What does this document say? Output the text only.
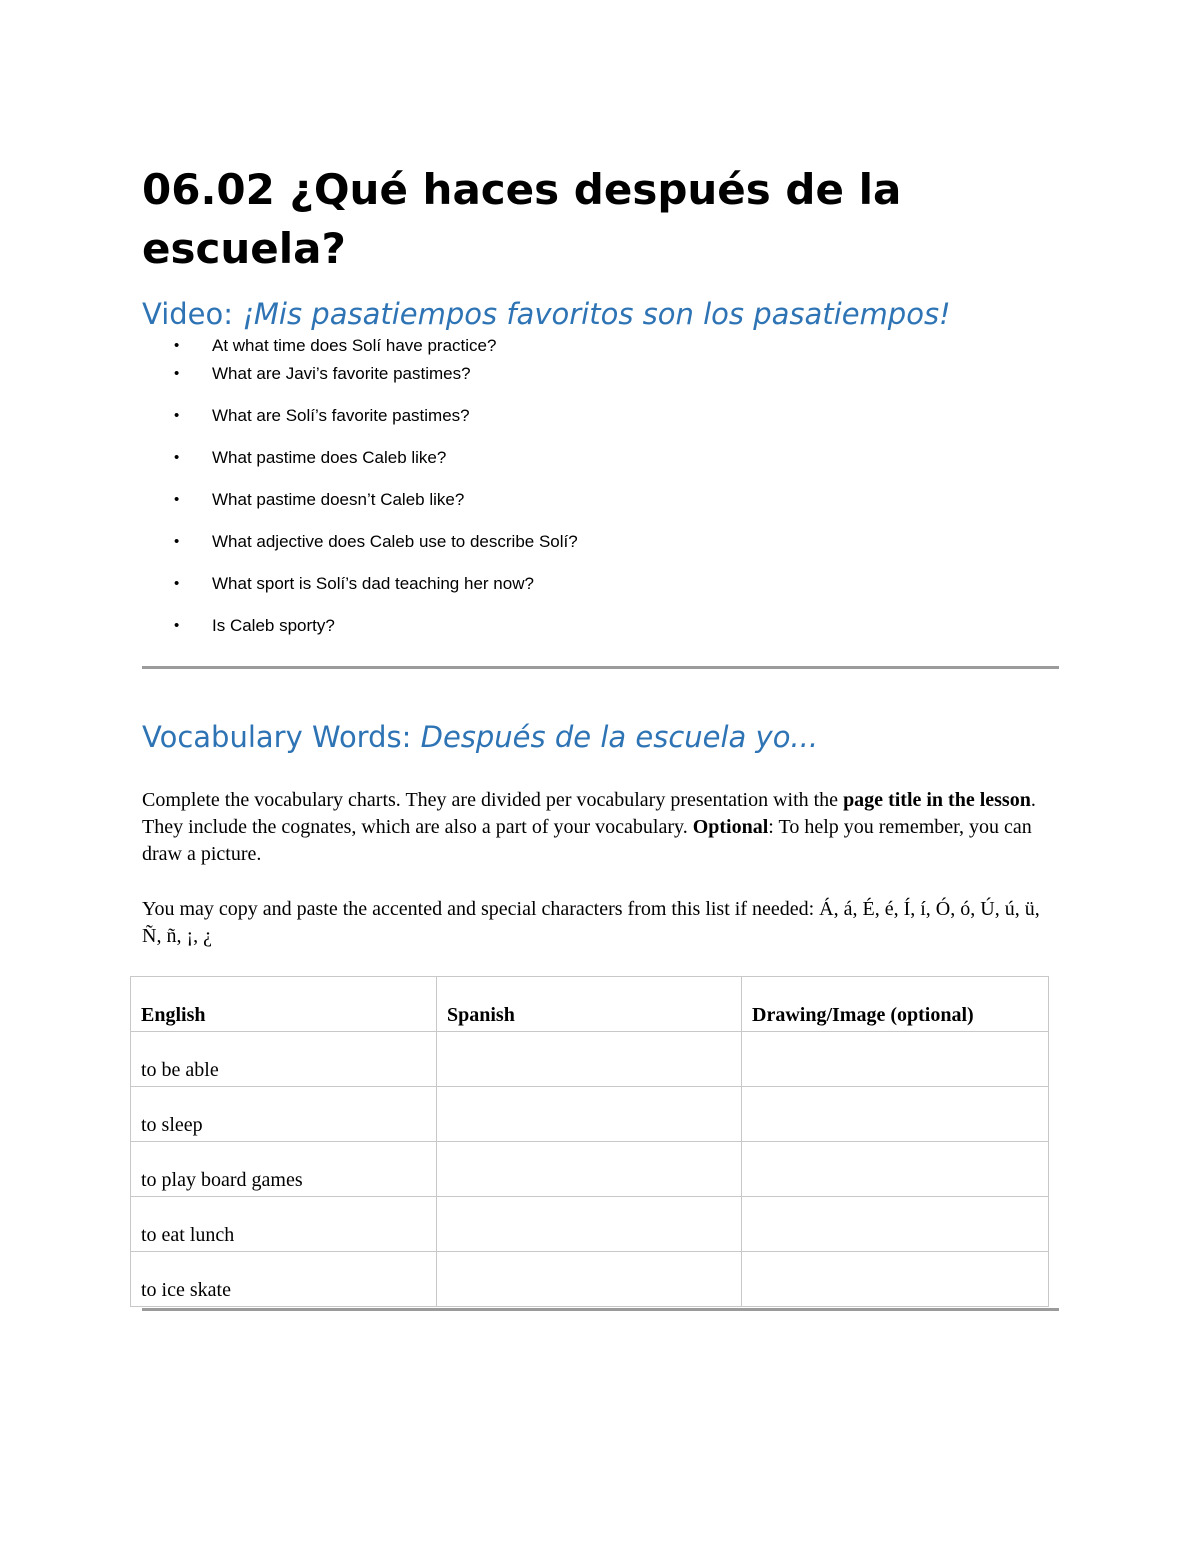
06.02 ¿Qué haces después de la escuela?
Video: ¡Mis pasatiempos favoritos son los pasatiempos!
• At what time does Solí have practice?
• What are Javi’s favorite pastimes?
• What are Solí’s favorite pastimes?
• What pastime does Caleb like?
• What pastime doesn’t Caleb like?
• What adjective does Caleb use to describe Solí?
• What sport is Solí’s dad teaching her now?
• Is Caleb sporty?
Vocabulary Words: Después de la escuela yo...

Complete the vocabulary charts. They are divided per vocabulary presentation with the page title in the lesson. They include the cognates, which are also a part of your vocabulary. Optional: To help you remember, you can draw a picture.

You may copy and paste the accented and special characters from this list if needed: Á, á, É, é, Í, í, Ó, ó, Ú, ú, ü, Ñ, ñ, ¡, ¿

English	Spanish	Drawing/Image (optional)
to be able		
to sleep		
to play board games		
to eat lunch		
to ice skate		
